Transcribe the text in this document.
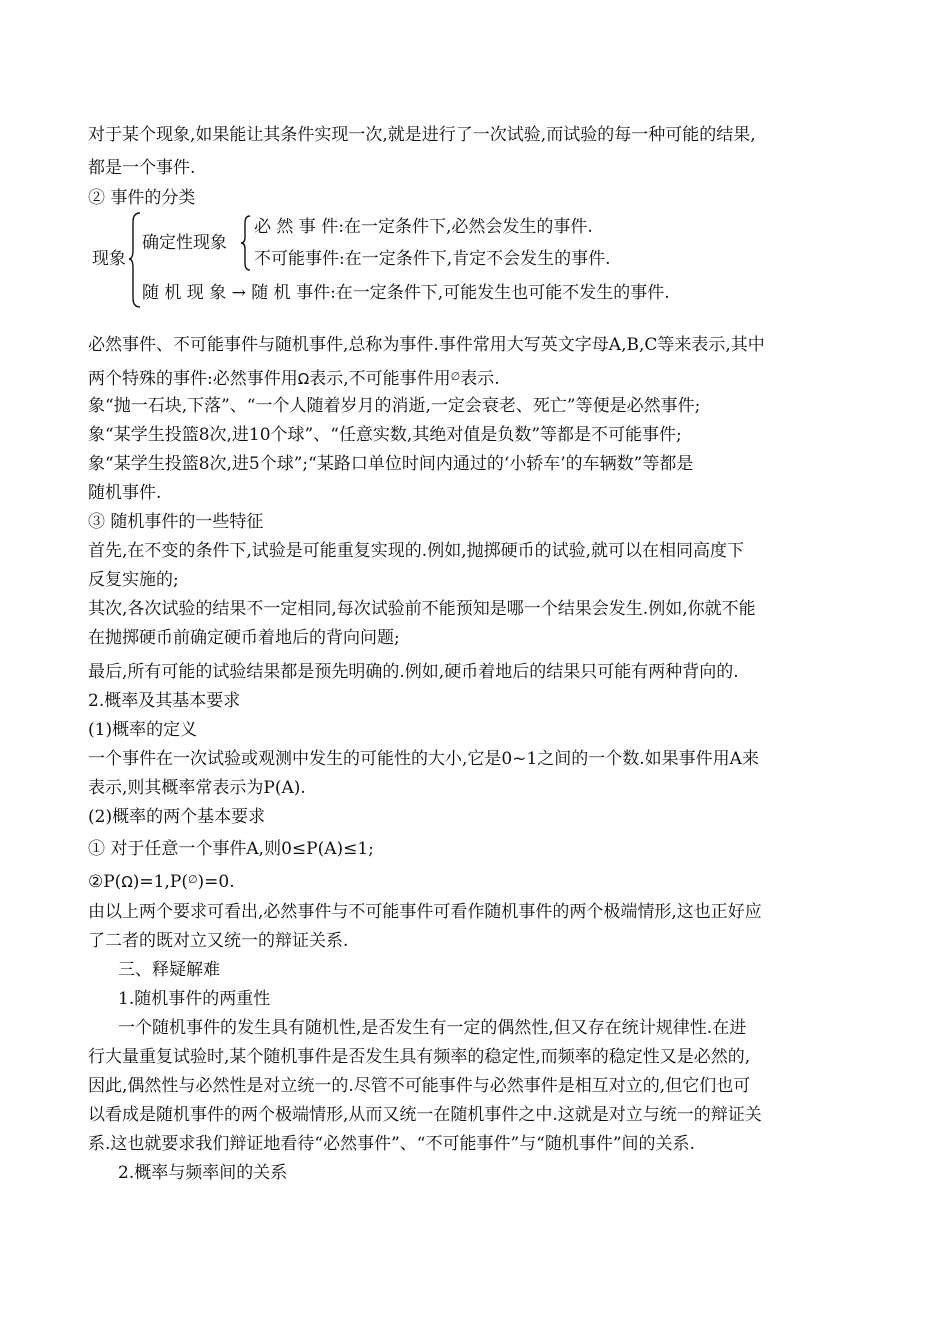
对于某个现象,如果能让其条件实现一次,就是进行了一次试验,而试验的每一种可能的结果,
都是一个事件.
② 事件的分类
现象
确定性现象
必 然 事 件:在一定条件下,必然会发生的事件.
不可能事件:在一定条件下,肯定不会发生的事件.
随 机 现 象 → 随 机 事件:在一定条件下,可能发生也可能不发生的事件.
必然事件、不可能事件与随机事件,总称为事件.事件常用大写英文字母A,B,C等来表示,其中
两个特殊的事件:必然事件用Ω表示,不可能事件用∅表示.
象“抛一石块,下落”、“一个人随着岁月的消逝,一定会衰老、死亡”等便是必然事件;
象“某学生投篮8次,进10个球”、“任意实数,其绝对值是负数”等都是不可能事件;
象“某学生投篮8次,进5个球”;“某路口单位时间内通过的‘小轿车’的车辆数”等都是
随机事件.
③ 随机事件的一些特征
首先,在不变的条件下,试验是可能重复实现的.例如,抛掷硬币的试验,就可以在相同高度下
反复实施的;
其次,各次试验的结果不一定相同,每次试验前不能预知是哪一个结果会发生.例如,你就不能
在抛掷硬币前确定硬币着地后的背向问题;
最后,所有可能的试验结果都是预先明确的.例如,硬币着地后的结果只可能有两种背向的.
2.概率及其基本要求
(1)概率的定义
一个事件在一次试验或观测中发生的可能性的大小,它是0~1之间的一个数.如果事件用A来
表示,则其概率常表示为P(A).
(2)概率的两个基本要求
① 对于任意一个事件A,则0≤P(A)≤1;
②P(Ω)=1,P(∅)=0.
由以上两个要求可看出,必然事件与不可能事件可看作随机事件的两个极端情形,这也正好应
了二者的既对立又统一的辩证关系.
三、释疑解难
1.随机事件的两重性
一个随机事件的发生具有随机性,是否发生有一定的偶然性,但又存在统计规律性.在进
行大量重复试验时,某个随机事件是否发生具有频率的稳定性,而频率的稳定性又是必然的,
因此,偶然性与必然性是对立统一的.尽管不可能事件与必然事件是相互对立的,但它们也可
以看成是随机事件的两个极端情形,从而又统一在随机事件之中.这就是对立与统一的辩证关
系.这也就要求我们辩证地看待“必然事件”、“不可能事件”与“随机事件”间的关系.
2.概率与频率间的关系
